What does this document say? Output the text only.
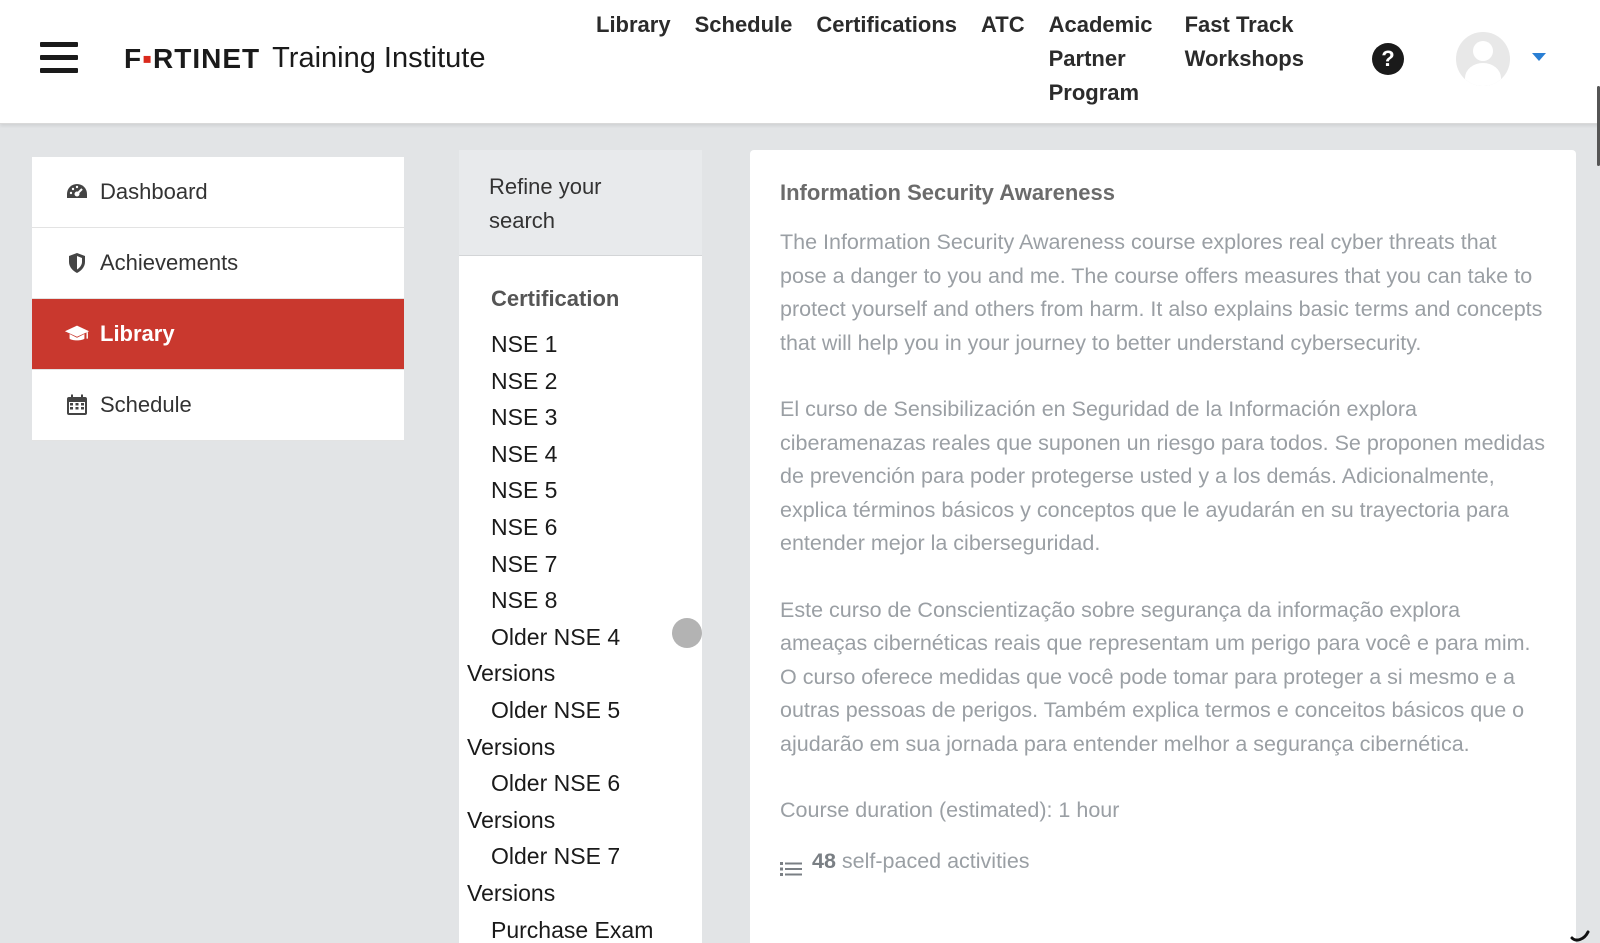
F▪RTINET Training Institute
Library Schedule Certifications ATC Academic Partner Program
Fast Track Workshops	?
Dashboard
Achievements
Library
Schedule
Refine your search
Certification
NSE 1
NSE 2
NSE 3
NSE 4
NSE 5
NSE 6
NSE 7
NSE 8
Older NSE 4 Versions
Older NSE 5 Versions
Older NSE 6 Versions
Older NSE 7 Versions
Purchase Exam
Information Security Awareness

The Information Security Awareness course explores real cyber threats that pose a danger to you and me. The course offers measures that you can take to protect yourself and others from harm. It also explains basic terms and concepts that will help you in your journey to better understand cybersecurity.

El curso de Sensibilización en Seguridad de la Información explora ciberamenazas reales que suponen un riesgo para todos. Se proponen medidas de prevención para poder protegerse usted y a los demás. Adicionalmente, explica términos básicos y conceptos que le ayudarán en su trayectoria para entender mejor la ciberseguridad.

Este curso de Conscientização sobre segurança da informação explora ameaças cibernéticas reais que representam um perigo para você e para mim. O curso oferece medidas que você pode tomar para proteger a si mesmo e a outras pessoas de perigos. Também explica termos e conceitos básicos que o ajudarão em sua jornada para entender melhor a segurança cibernética.

Course duration (estimated): 1 hour
48 self-paced activities
